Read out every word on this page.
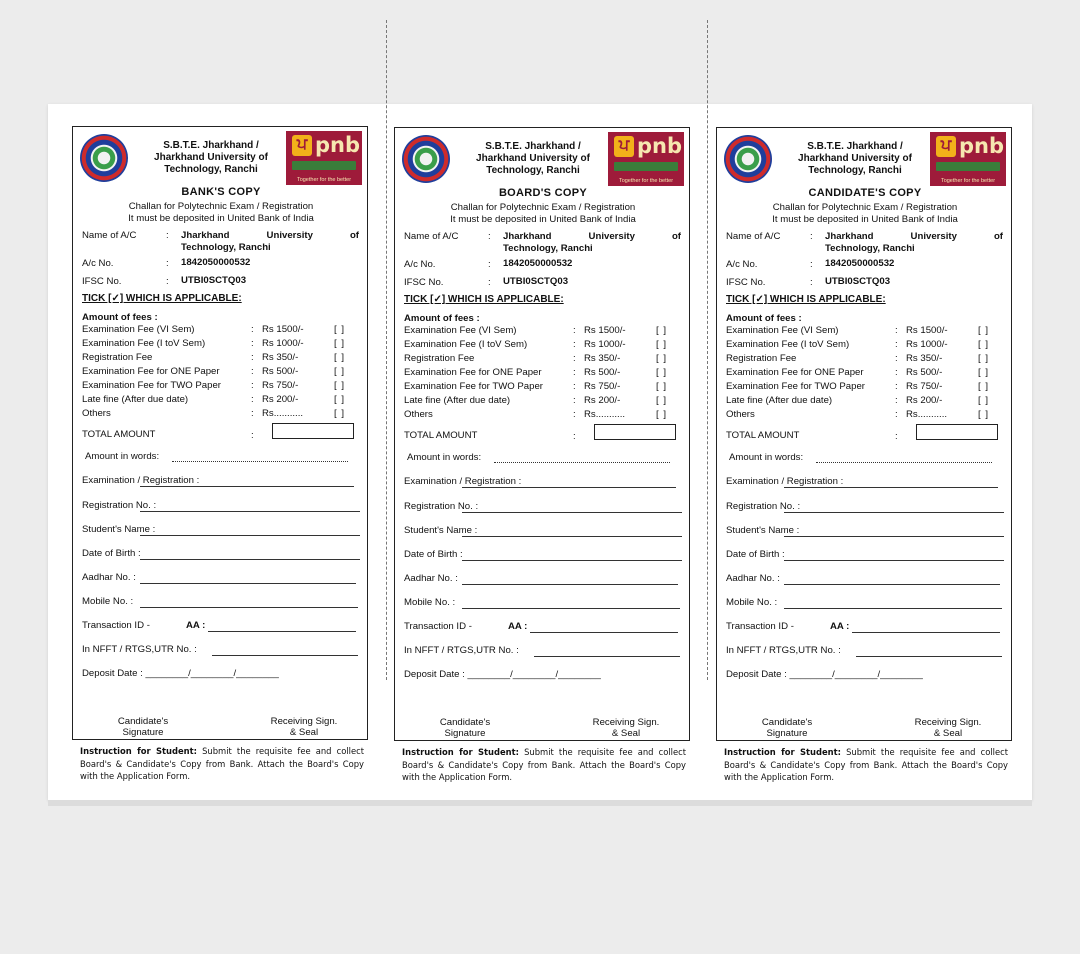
S.B.T.E. Jharkhand /
Jharkhand University of
Technology, Ranchi
ਪ pnb
Together for the better
BANK'S COPY
Challan for Polytechnic Exam / Registration
It must be deposited in United Bank of India
Name of A/C	: Jharkhand University of
Technology, Ranchi
A/c No.	: 1842050000532
IFSC No.	: UTBI0SCTQ03
TICK [✓] WHICH IS APPLICABLE:
Amount of fees :
Examination Fee (VI Sem)	: Rs 1500/-	[ ]
Examination Fee (I toV Sem)	: Rs 1000/-	[ ]
Registration Fee	: Rs 350/-	[ ]
Examination Fee for ONE Paper	: Rs 500/-	[ ]
Examination Fee for TWO Paper	: Rs 750/-	[ ]
Late fine (After due date)	: Rs 200/-	[ ]
Others	: Rs...........	[ ]
TOTAL AMOUNT	:
Amount in words:
Examination / Registration :
Registration No. :
Student's Name :
Date of Birth :
Aadhar No. :
Mobile No. :
Transaction ID -	AA :
In NFFT / RTGS,UTR No. :
Deposit Date : ________/________/________
Candidate's
Signature
Receiving Sign.
& Seal
Instruction for Student: Submit the requisite fee and collect Board's & Candidate's Copy from Bank. Attach the Board's Copy with the Application Form.
S.B.T.E. Jharkhand /
Jharkhand University of
Technology, Ranchi
ਪ pnb
Together for the better
BOARD'S COPY
Challan for Polytechnic Exam / Registration
It must be deposited in United Bank of India
Name of A/C	: Jharkhand University of
Technology, Ranchi
A/c No.	: 1842050000532
IFSC No.	: UTBI0SCTQ03
TICK [✓] WHICH IS APPLICABLE:
Amount of fees :
Examination Fee (VI Sem)	: Rs 1500/-	[ ]
Examination Fee (I toV Sem)	: Rs 1000/-	[ ]
Registration Fee	: Rs 350/-	[ ]
Examination Fee for ONE Paper	: Rs 500/-	[ ]
Examination Fee for TWO Paper	: Rs 750/-	[ ]
Late fine (After due date)	: Rs 200/-	[ ]
Others	: Rs...........	[ ]
TOTAL AMOUNT	:
Amount in words:
Examination / Registration :
Registration No. :
Student's Name :
Date of Birth :
Aadhar No. :
Mobile No. :
Transaction ID -	AA :
In NFFT / RTGS,UTR No. :
Deposit Date : ________/________/________
Candidate's
Signature
Receiving Sign.
& Seal
Instruction for Student: Submit the requisite fee and collect Board's & Candidate's Copy from Bank. Attach the Board's Copy with the Application Form.
S.B.T.E. Jharkhand /
Jharkhand University of
Technology, Ranchi
ਪ pnb
Together for the better
CANDIDATE'S COPY
Challan for Polytechnic Exam / Registration
It must be deposited in United Bank of India
Name of A/C	: Jharkhand University of
Technology, Ranchi
A/c No.	: 1842050000532
IFSC No.	: UTBI0SCTQ03
TICK [✓] WHICH IS APPLICABLE:
Amount of fees :
Examination Fee (VI Sem)	: Rs 1500/-	[ ]
Examination Fee (I toV Sem)	: Rs 1000/-	[ ]
Registration Fee	: Rs 350/-	[ ]
Examination Fee for ONE Paper	: Rs 500/-	[ ]
Examination Fee for TWO Paper	: Rs 750/-	[ ]
Late fine (After due date)	: Rs 200/-	[ ]
Others	: Rs...........	[ ]
TOTAL AMOUNT	:
Amount in words:
Examination / Registration :
Registration No. :
Student's Name :
Date of Birth :
Aadhar No. :
Mobile No. :
Transaction ID -	AA :
In NFFT / RTGS,UTR No. :
Deposit Date : ________/________/________
Candidate's
Signature
Receiving Sign.
& Seal
Instruction for Student: Submit the requisite fee and collect Board's & Candidate's Copy from Bank. Attach the Board's Copy with the Application Form.
